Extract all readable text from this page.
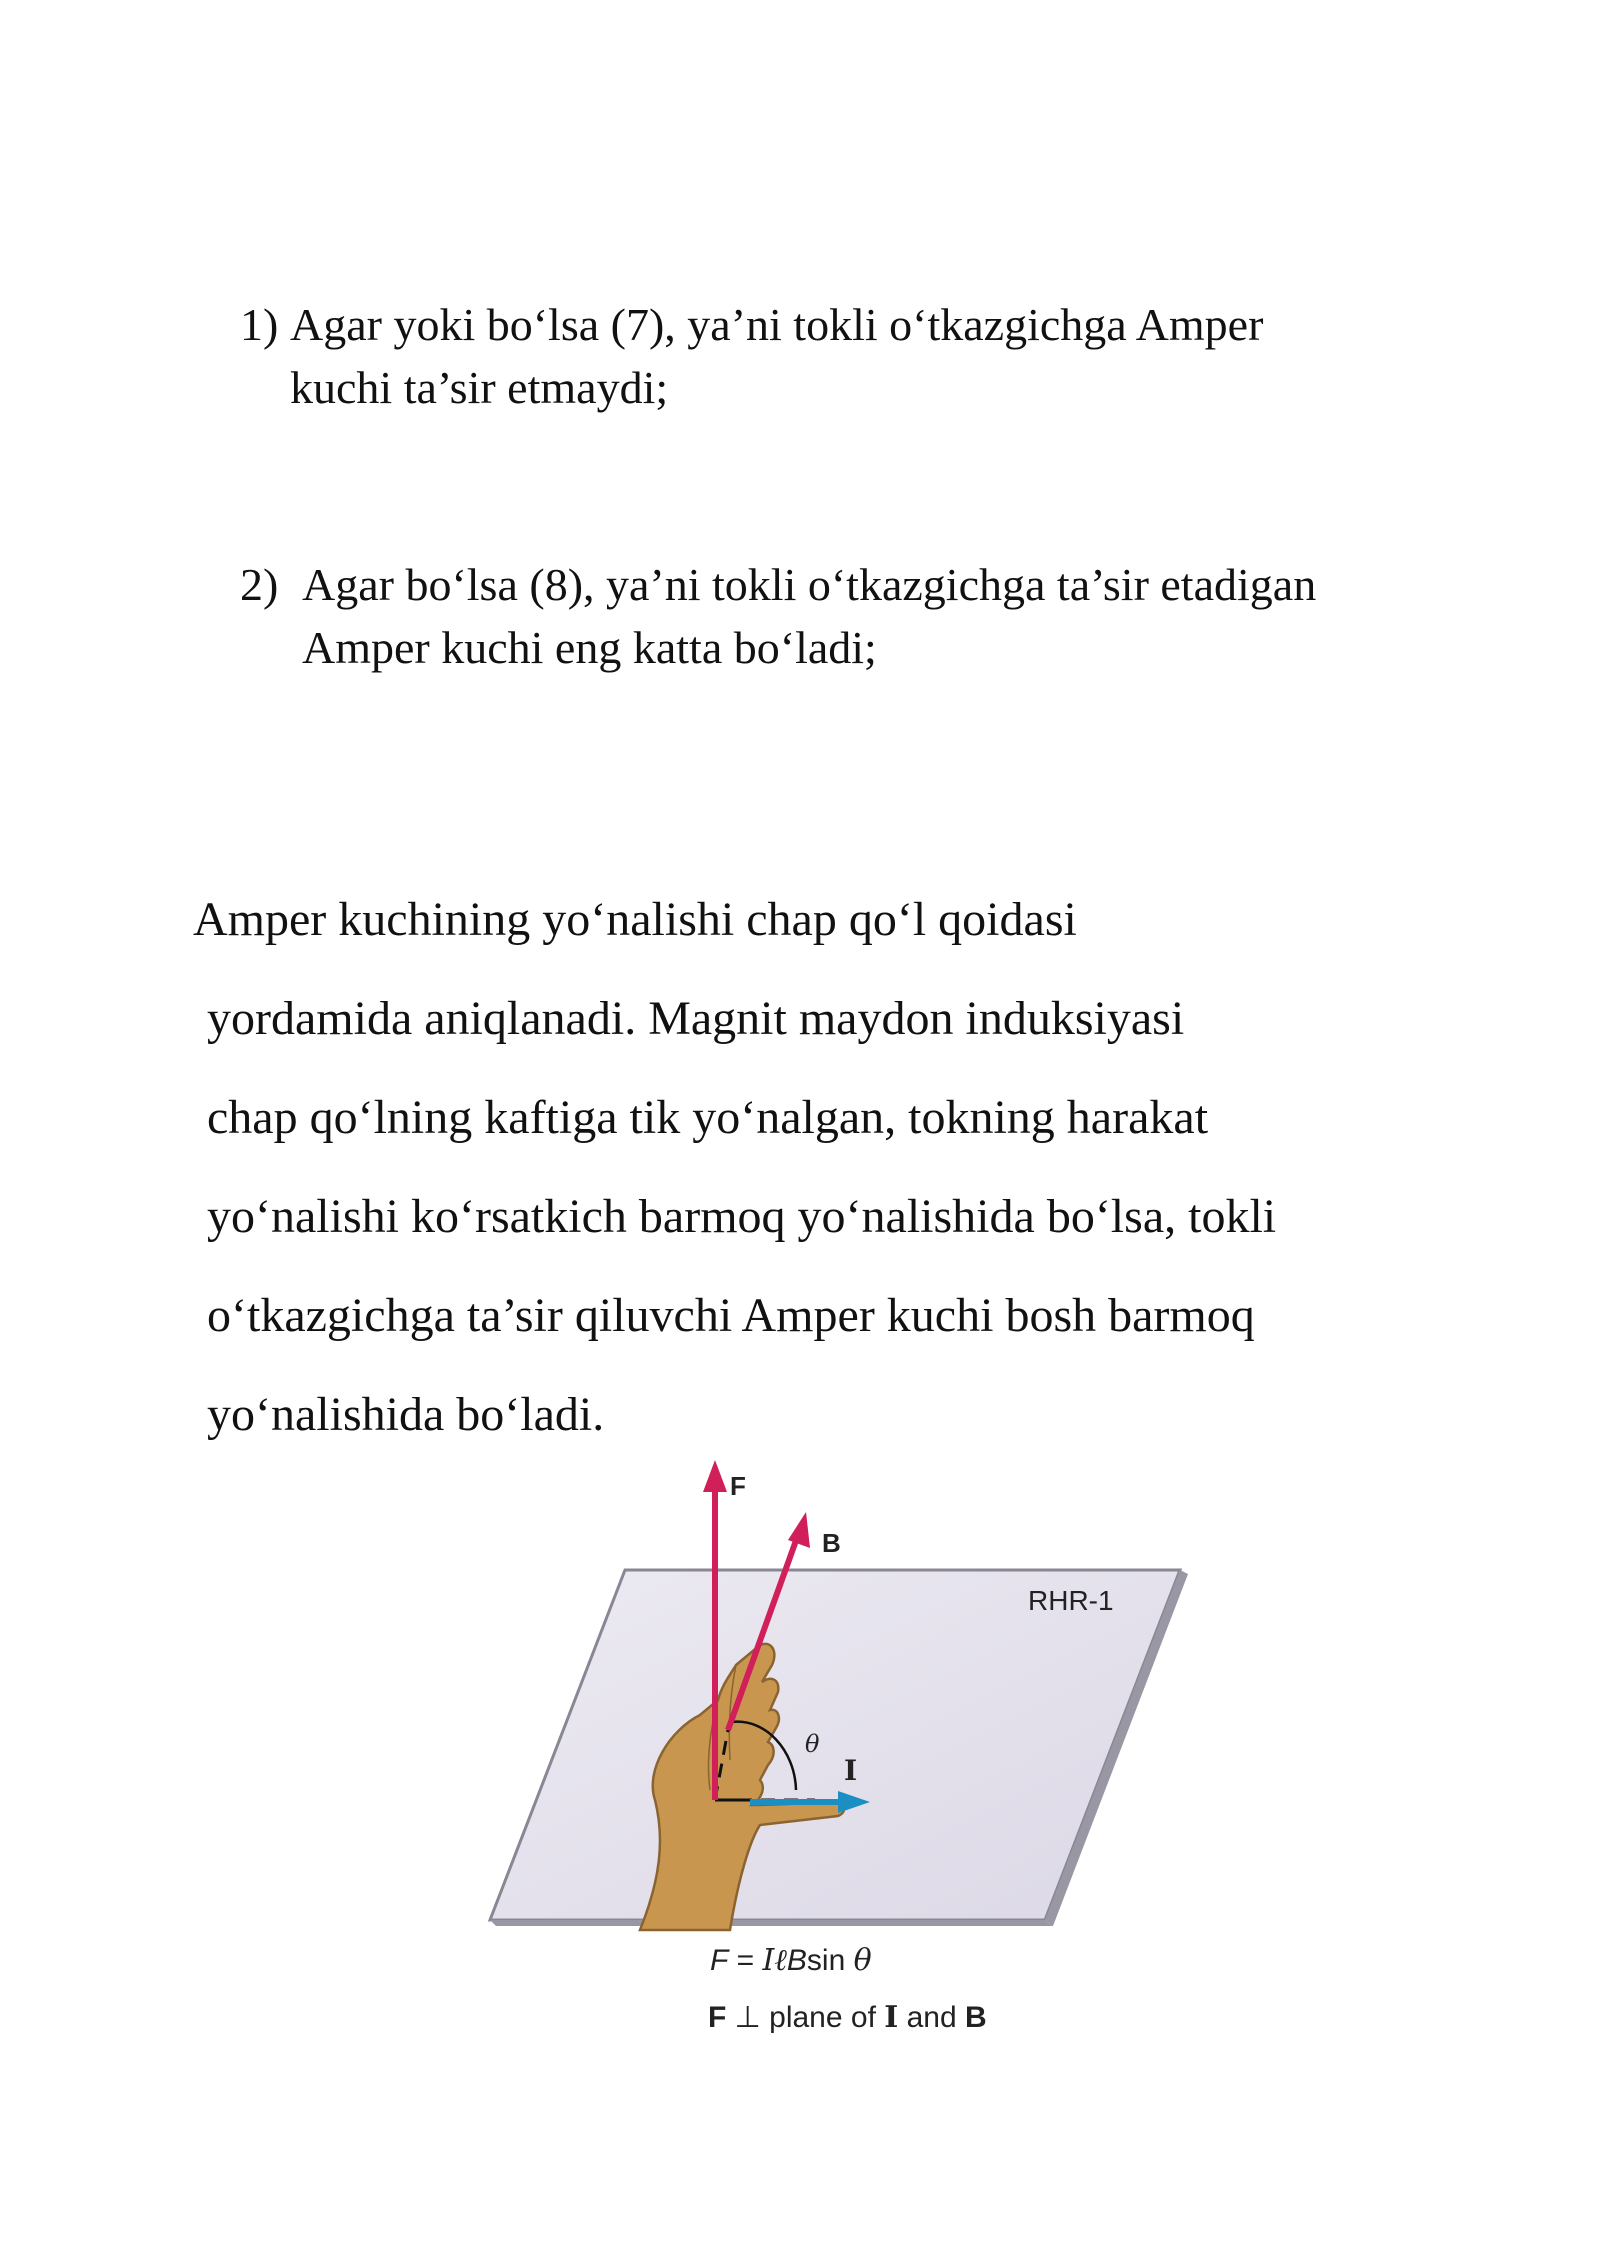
1) Agar yoki bo‘lsa (7), ya’ni tokli o‘tkazgichga Amper kuchi ta’sir etmaydi;
2) Agar bo‘lsa (8), ya’ni tokli o‘tkazgichga ta’sir etadigan Amper kuchi eng katta bo‘ladi;
Amper kuchining yo‘nalishi chap qo‘l qoidasi
yordamida aniqlanadi. Magnit maydon induksiyasi
chap qo‘lning kaftiga tik yo‘nalgan, tokning harakat
yo‘nalishi ko‘rsatkich barmoq yo‘nalishida bo‘lsa, tokli
o‘tkazgichga ta’sir qiluvchi Amper kuchi bosh barmoq
yo‘nalishida bo‘ladi.
RHR-1
θ
F
B
I
F = IℓBsin θ
F ⊥ plane of I and B
